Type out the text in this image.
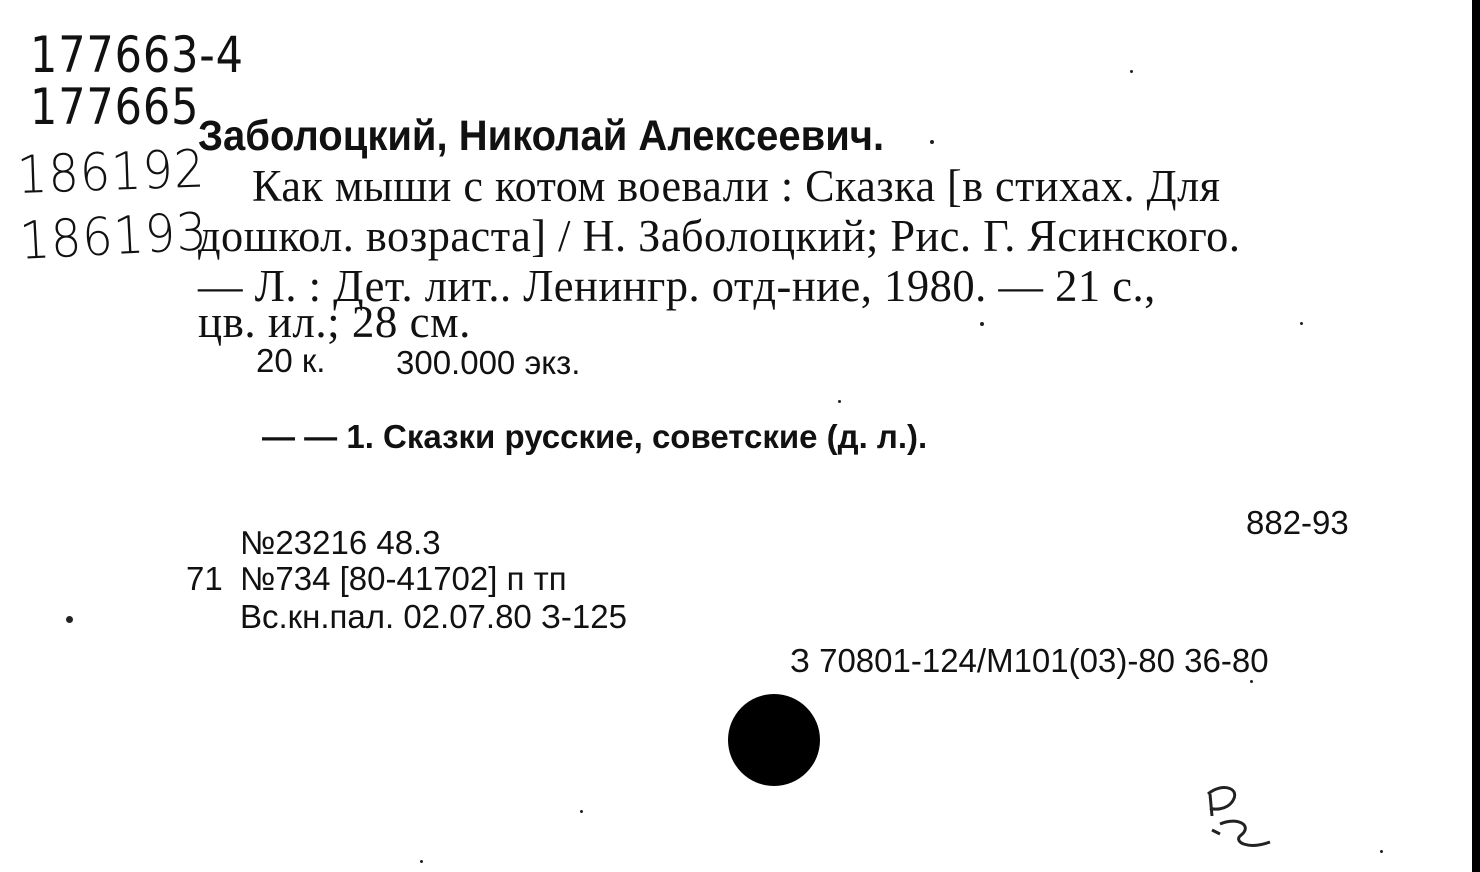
177663-4
177665
186192
186193
Заболоцкий, Николай Алексеевич.
Как мыши с котом воевали : Сказка [в стихах. Для
дошкол. возраста] / Н. Заболоцкий; Рис. Г. Ясинского.
— Л. : Дет. лит.. Ленингр. отд-ние, 1980. — 21 с.,
цв. ил.; 28 см.
20 к. 300.000 экз.
— — 1. Сказки русские, советские (д. л.).
882-93
№23216 48.3
71 №734 [80-41702] п тп
Вс.кн.пал. 02.07.80 З-125
З 70801-124/М101(03)-80 36-80
